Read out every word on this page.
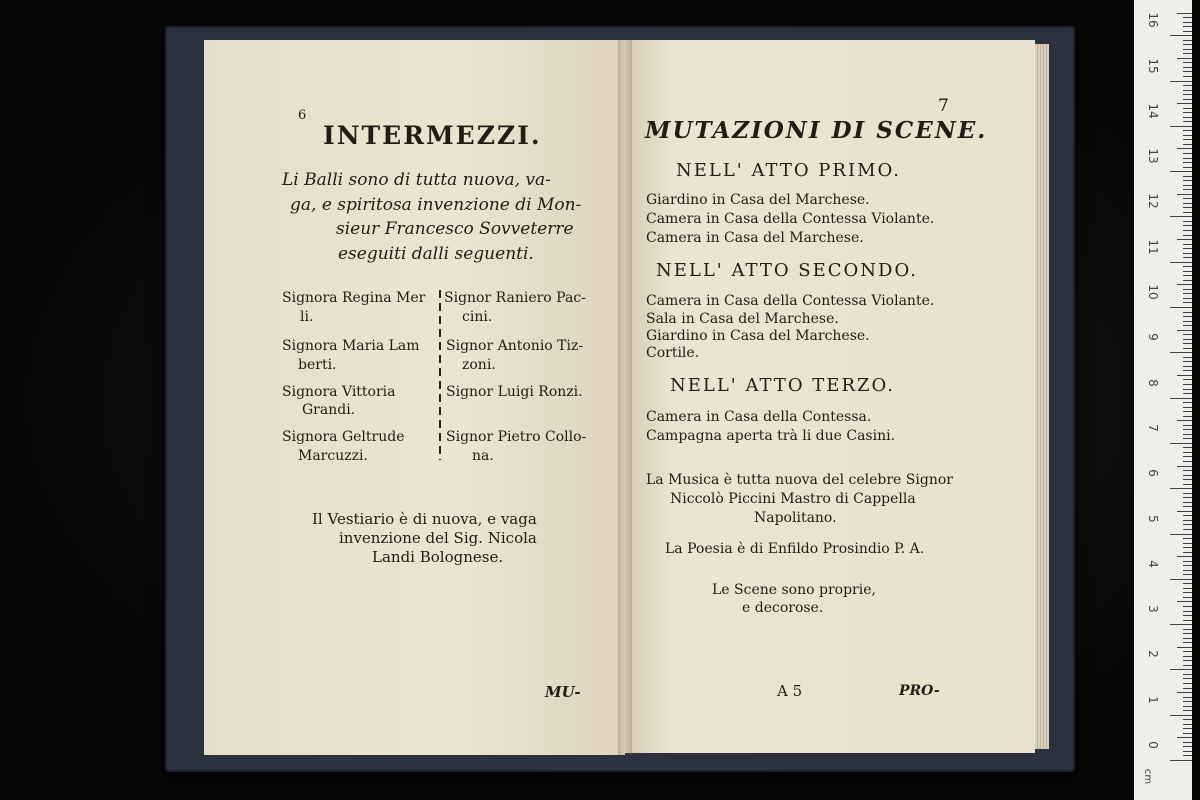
6
INTERMEZZI.
Li Balli sono di tutta nuova, va-
ga, e spiritosa invenzione di Mon-
sieur Francesco Sovveterre
eseguiti dalli seguenti.
Signora Regina Mer
li.
Signora Maria Lam
berti.
Signora Vittoria
Grandi.
Signora Geltrude
Marcuzzi.
Signor Raniero Pac-
cini.
Signor Antonio Tiz-
zoni.
Signor Luigi Ronzi.
Signor Pietro Collo-
na.
Il Vestiario è di nuova, e vaga
invenzione del Sig. Nicola
Landi Bolognese.
MU-
7
MUTAZIONI DI SCENE.
NELL' ATTO PRIMO.
Giardino in Casa del Marchese.
Camera in Casa della Contessa Violante.
Camera in Casa del Marchese.
NELL' ATTO SECONDO.
Camera in Casa della Contessa Violante.
Sala in Casa del Marchese.
Giardino in Casa del Marchese.
Cortile.
NELL' ATTO TERZO.
Camera in Casa della Contessa.
Campagna aperta trà li due Casini.
La Musica è tutta nuova del celebre Signor
Niccolò Piccini Mastro di Cappella
Napolitano.
La Poesia è di Enfildo Prosindio P. A.
Le Scene sono proprie,
e decorose.
A 5	PRO-
0
1
2
3
4
5
6
7
8
9
10
11
12
13
14
15
16
cm
